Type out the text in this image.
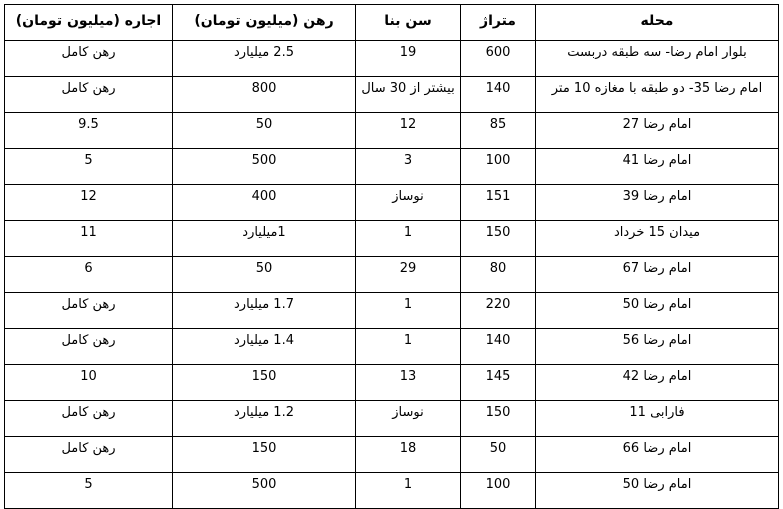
محله	متراژ	سن بنا	رهن (میلیون تومان)	اجاره (میلیون تومان)
بلوار امام رضا- سه طبقه دربست	600	19	2.5 میلیارد	رهن کامل
امام رضا 35- دو طبقه با مغازه 10 متر	140	بیشتر از 30 سال	800	رهن کامل
امام رضا 27	85	12	50	9.5
امام رضا 41	100	3	500	5
امام رضا 39	151	نوساز	400	12
میدان 15 خرداد	150	1	1میلیارد	11
امام رضا 67	80	29	50	6
امام رضا 50	220	1	1.7 میلیارد	رهن کامل
امام رضا 56	140	1	1.4 میلیارد	رهن کامل
امام رضا 42	145	13	150	10
فارابی 11	150	نوساز	1.2 میلیارد	رهن کامل
امام رضا 66	50	18	150	رهن کامل
امام رضا 50	100	1	500	5
